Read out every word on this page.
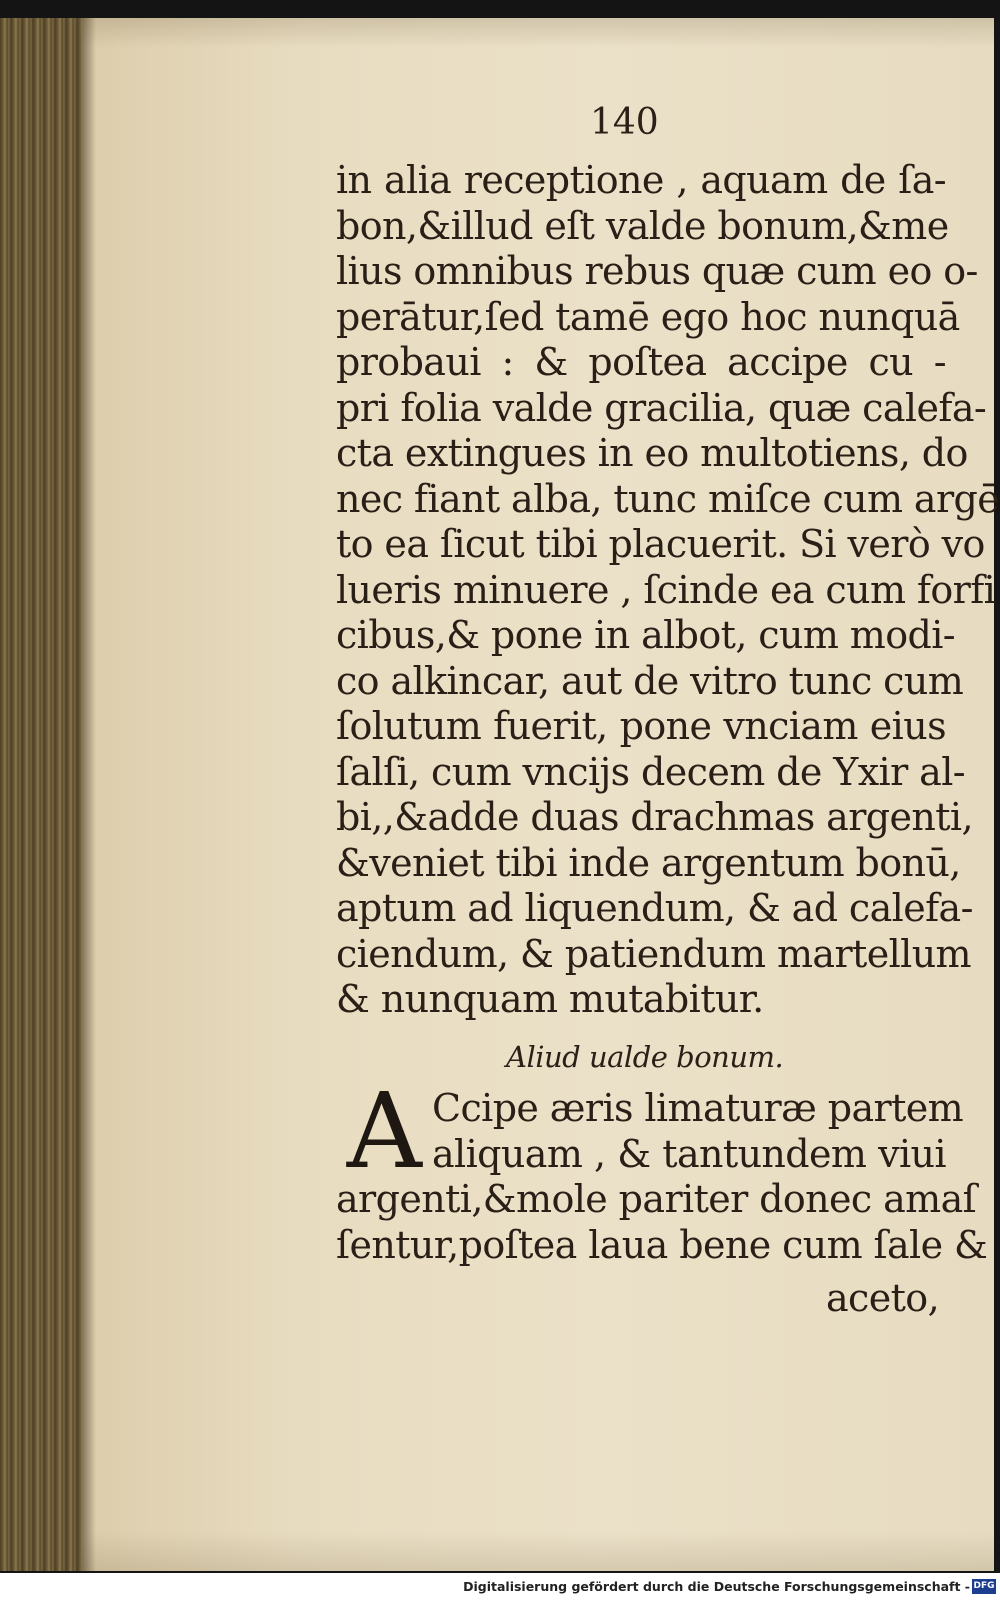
140
in alia receptione , aquam de ſa-
bon,&illud eſt valde bonum,&me
lius omnibus rebus quæ cum eo o-
perātur,ſed tamē ego hoc nunquā
probaui : & poſtea accipe cu -
pri folia valde gracilia, quæ calefa-
cta extingues in eo multotiens, do
nec fiant alba, tunc miſce cum argē
to ea ſicut tibi placuerit. Si verò vo
lueris minuere , ſcinde ea cum forfi
cibus,& pone in albot, cum modi-
co alkincar, aut de vitro tunc cum
ſolutum fuerit, pone vnciam eius
ſalſi, cum vncijs decem de Yxir al-
bi,,&adde duas drachmas argenti,
&veniet tibi inde argentum bonū,
aptum ad liquendum, & ad calefa-
ciendum, & patiendum martellum
& nunquam mutabitur.
Aliud ualde bonum.
A Ccipe æris limaturæ partem
aliquam , & tantundem viui
argenti,&mole pariter donec amaſ
ſentur,poſtea laua bene cum ſale &
aceto,
Digitalisierung gefördert durch die Deutsche Forschungsgemeinschaft - DFG
